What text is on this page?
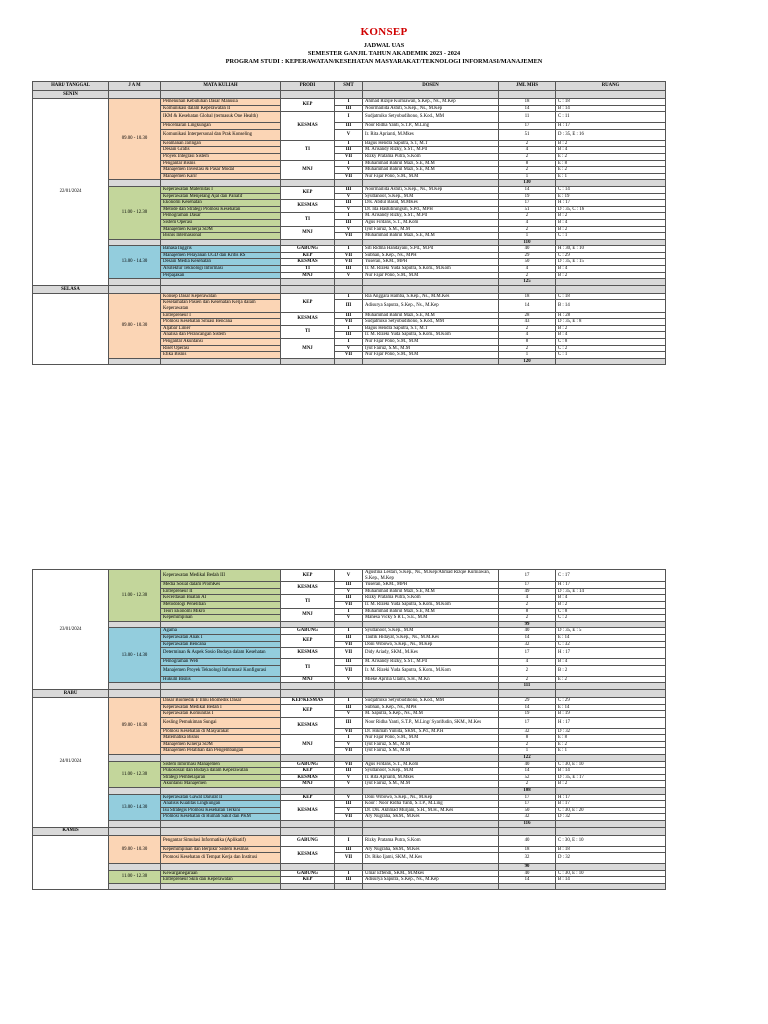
KONSEP
JADWAL UAS
SEMESTER GANJIL TAHUN AKADEMIK 2023 - 2024
PROGRAM STUDI : KEPERAWATAN/KESEHATAN MASYARAKAT/TEKNOLOGI INFORMASI/MANAJEMEN
HARI/ TANGGAL	J A M	MATA KULIAH	PRODI	SMT	DOSEN	JML MHS	RUANG
SENIN							
22/01/2024	09.00 - 10.30	Pemenuhan Kebutuhan Dasar Manusia	KEP	I	Ahmad Rizqie Kurniawan, S.Kep., Ns., M.Kep	18	C : 18
		Komunikasi dalam Keperawatan II		III	Noormailida Astuti, S.Kep., Ns., M.Kep	14	B : 14
		IKM & Kesehatan Global (termasuk One Health)	KESMAS	I	Sudjatmiko Setyobudihono, S.Kod., MM	11	C : 11
		Pencemaran Lingkungan		III	Noor Ridha Yanti, S.T.P., M.Ling	17	H : 17
		Komunikasi Interpersonal dan Prak Konseling		V	Ir. Rita Aprianti, M.Mkes	51	D : 35, E : 16
		Keamanan Jaringan	TI	I	Bagus Hendra Saputra, S.T, M.T	2	B : 2
		Desain Grafis		III	M. Arisandy Rizky, S.ST., M.Pd	4	B : 4
		Proyek Integrasi Sistem		VII	Rizky Pratama Putra, S.Kom	2	E : 2
		Pengantar Bisnis	MNJ	I	Muhammad Bahrul Mazi, S.E, M.M	8	E : 8
		Manajemen Investasi & Pasar Modal		V	Muhammad Bahrul Mazi, S.E, M.M	2	E : 2
		Manajemen Karir		VII	Nur Fajar Pono, S.M., M.M	1	E : 1
						130	
	11.00 - 12.30	Keperawatan Maternitas I	KEP	III	Noormailida Astuti, S.Kep., Ns., M.Kep	14	C : 14
		Keperawatan Menjelang Ajal dan Paliatif		V	Syutlanoor, S.Kep., M.M	19	E : 19
		Ekonomi Kesehatan	KESMAS	III	Drs. Abdul Basid, M.MKes	17	H : 17
		Metode dan Strategi Promosi Kesehatan		V	Dr. Ida Hastutiningsih, S.Pd., MPH	51	D : 35, C : 16
		Pemograman Dasar	TI	I	M. Arisandy Rizky, S.ST., M.Pd	2	B : 2
		Sistem Operasi		III	Agus Firdans, S.T., M.Kom	4	B : 4
		Manajemen Kinerja SDM	MNJ	V	Iyut Fairuz, S.M., M.M	2	B : 2
		Bisnis Internasional		VII	Muhammad Bahrul Mazi, S.E, M.M	1	C : 1
						110	
	13.00 - 14.30	Bahasa Inggris	GABUNG	I	Siti Ridma Handayani, S.Pd., M.Pd	40	H : 30, E : 10
		Manajemen Pelayanan UGD dan Kritis RS	KEP	VII	Subhan, S.Kep., Ns., MPH	29	C : 29
		Desain Media Kesehatan	KESMAS	VII	Yuseran, SKM., MPH	50	D : 35, E : 15
		Arsitektur Teknologi Informasi	TI	III	Ir. M. Rizeki Yuda Saputra, S.Kom., M.Kom	4	B : 4
		Perpajakan	MNJ	V	Nur Fajar Pono, S.M., M.M	2	B : 2
						125	
SELASA							
	09.00 - 10.30	Konsep Dasar Keperawatan	KEP	I	Ria Anggara Hamba, S.Kep., Ns., M.M.Kes	18	C : 18
		Keselamatan Pasien dan Kesehatan Kerja dalam Keperawatan		III	Adisurya Saputra, S.Kep., Ns., M.Kep	14	B : 14
		Entrepreneur I	KESMAS	III	Muhammad Bahrul Mazi, S.E, M.M	28	H : 28
		Promosi Kesehatan Situasi Bencana		VII	Sudjatmiko Setyobudihono, S.Kod., MM	43	D : 35, E : 8
		Aljabar Linier	TI	I	Bagus Hendra Saputra, S.T, M.T	2	B : 2
		Analisa dan Perancangan Sistem		III	Ir. M. Rizeki Yuda Saputra, S.Kom., M.Kom	4	B : 4
		Pengantar Akuntansi	MNJ	I	Nur Fajar Pono, S.M., M.M	8	C : 8
		Riset Operasi		V	Iyut Fairuz, S.M., M.M	2	C : 2
		Etika Bisnis		VII	Nur Fajar Pono, S.M., M.M	1	C : 1
						120	
23/01/2024	11.00 - 12.30	Keperawatan Medikal Bedah III	KEP	V	Agustina Lestari, S.Kep., Ns., M.Kep/Ahmad Rizqie Kurniawan, S.Kep., M.Kep	17	C : 17
		Media Sosial dalam PromKes	KESMAS	III	Yuseran, SKM., MPH	17	H : 17
		Entrepreneur II		V	Muhammad Bahrul Mazi, S.E, M.M	49	D : 35, E : 14
		Kecerdasan Buatan AI	TI	III	Rizky Pratama Putra, S.Kom	4	B : 4
		Metodologi Penelitian		VII	Ir. M. Rizeki Yuda Saputra, S.Kom., M.Kom	2	B : 2
		Teori Ekonomi Mikro	MNJ	I	Muhammad Bahrul Mazi, S.E, M.M	8	C : 8
		Kepemimpinan		V	Mahesa Vicky S R L, S.E., M.M	2	C : 2
						99	
	13.00 - 14.30	Agama	GABUNG	I	Syutlanoor, S.Kep., M.M	40	D : 35, E : 5
		Keperawatan Anak I	KEP	III	Taufik Hidayat, S.Kep., Ns., M.M.Kes	14	E : 14
		Keperawatan Bencana		VII	Doni Wibowo, S.Kep., Ns., M.Kep	32	C : 32
		Determinan & Aspek Sosio Budaya dalam Kesehatan	KESMAS	VII	Didy Ariady, SKM., M.Kes	17	H : 17
		Pemograman Web	TI	III	M. Arisandy Rizky, S.ST., M.Pd	4	B : 4
		Manajemen Proyek Teknologi Informasi/ Konfigurasi		VII	Ir. M. Rizeki Yuda Saputra, S.Kom., M.Kom	2	B : 2
		Hukum Bisnis	MNJ	V	Mieke Aprilia Ulami, S.H., M.Kn	2	E : 2
						111	
RABU							
24/01/2024	09.00 - 10.30	Dasar Biomedik I/ Ilmu Biomedik Dasar	KEP/KESMAS	I	Sudjatmiko Setyobudihono, S.Kod., MM	29	C : 29
		Keperawatan Medikal Bedah I	KEP	III	Subhan, S.Kep., Ns., MPH	14	E : 14
		Keperawatan Komunitas I		V	M. Saputra, S.Kep., Ns., M.M	19	B : 19
		Kesling Pemukiman Sungai	KESMAS	III	Noor Ridha Yanti, S.T.P., M.Ling/ Syarifudin, SKM., M.Kes	17	H : 17
		Promosi Kesehatan di Masyarakat		VII	Dr. Hikmah Yunida, SKM., S.Pd., M.P.H	32	D : 32
		Matematika Bisnis	MNJ	I	Nur Fajar Pono, S.M., M.M	8	E : 8
		Manajemen Kinerja SDM		V	Iyut Fairuz, S.M., M.M	2	E : 2
		Manajemen Pelatihan dan Pengembangan		VII	Iyut Fairuz, S.M., M.M	1	E : 1
						122	
	11.00 - 12.30	Sistem Informasi Manajemen	GABUNG	VII	Agus Firdans, S.T., M.Kom	40	C : 30, E : 10
		Psikososial dan Budaya dalam Keperawatan	KEP	III	Syutlanoor, S.Kep., M.M	14	B : 14
		Strategi Pembelajaran	KESMAS	V	Ir. Rita Aprianti, M.Mkes	52	D : 35, E : 17
		Akuntansi Manajemen	MNJ	V	Iyut Fairuz, S.M., M.M	2	B : 2
						108	
	13.00 - 14.30	Keperawatan Gawat Darurat II	KEP	V	Doni Wibowo, S.Kep., Ns., M.Kep	17	H : 17
		Analisis Kualitas Lingkungan	KESMAS	III	Koor : Noor Ridha Yanti, S.T.P., M.Ling	17	B : 17
		Isu Strategis Promosi Kesehatan Terkini		V	Dr. Drs. Akhmad Murjani, S.H., M.H., M.Kes	50	C : 30, E : 20
		Promosi Kesehatan di Rumah Sakit dan PKM		VII	Ary Nugraha, SKM., M.Kes	32	D : 32
						116	
KAMIS							
	09.00 - 10.30	Pengantar Simulasi Informatika (Aplikatif)	GABUNG	I	Rizky Pratama Putra, S.Kom	40	C : 30, E : 10
		Kepemimpinan dan Berpikir Sistem Kesmas	KESMAS	III	Ary Nugraha, SKM., M.Kes	18	B : 18
		Promosi Kesehatan di Tempat Kerja dan Institusi		VII	Dr. Riko Ijami, SKM., M.Kes	32	D : 32
						90	
	11.00 - 12.30	Kewarganegaraan	GABUNG	I	Umar Effendi, SKM., M.Mkes	40	C : 30, E : 10
		Entrepreneur Skin dan Keperawatan	KEP	III	Adisurya Saputra, S.Kep., Ns., M.Kep	14	B : 14
